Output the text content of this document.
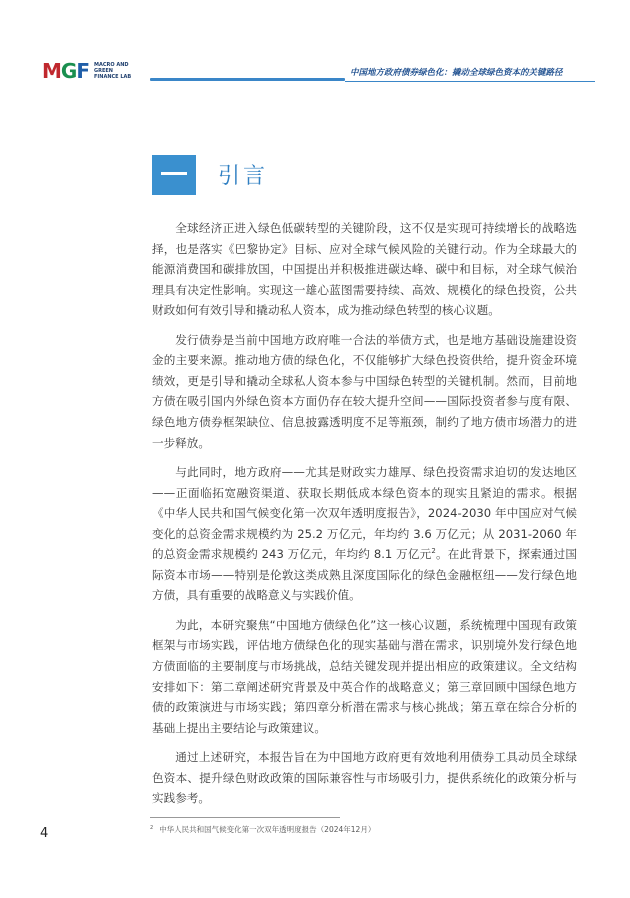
MGF MACRO AND
GREEN
FINANCE LAB	中国地方政府债券绿色化：撬动全球绿色资本的关键路径
引言

全球经济正进入绿色低碳转型的关键阶段，这不仅是实现可持续增长的战略选择，也是落实《巴黎协定》目标、应对全球气候风险的关键行动。作为全球最大的能源消费国和碳排放国，中国提出并积极推进碳达峰、碳中和目标，对全球气候治理具有决定性影响。实现这一雄心蓝图需要持续、高效、规模化的绿色投资，公共财政如何有效引导和撬动私人资本，成为推动绿色转型的核心议题。

发行债券是当前中国地方政府唯一合法的举债方式，也是地方基础设施建设资金的主要来源。推动地方债的绿色化，不仅能够扩大绿色投资供给，提升资金环境绩效，更是引导和撬动全球私人资本参与中国绿色转型的关键机制。然而，目前地方债在吸引国内外绿色资本方面仍存在较大提升空间——国际投资者参与度有限、绿色地方债券框架缺位、信息披露透明度不足等瓶颈，制约了地方债市场潜力的进一步释放。

与此同时，地方政府——尤其是财政实力雄厚、绿色投资需求迫切的发达地区——正面临拓宽融资渠道、获取长期低成本绿色资本的现实且紧迫的需求。根据《中华人民共和国气候变化第一次双年透明度报告》，2024-2030 年中国应对气候变化的总资金需求规模约为 25.2 万亿元，年均约 3.6 万亿元；从 2031-2060 年的总资金需求规模约 243 万亿元，年均约 8.1 万亿元$^2$。在此背景下，探索通过国际资本市场——特别是伦敦这类成熟且深度国际化的绿色金融枢纽——发行绿色地方债，具有重要的战略意义与实践价值。

为此，本研究聚焦“中国地方债绿色化”这一核心议题，系统梳理中国现有政策框架与市场实践，评估地方债绿色化的现实基础与潜在需求，识别境外发行绿色地方债面临的主要制度与市场挑战，总结关键发现并提出相应的政策建议。全文结构安排如下：第二章阐述研究背景及中英合作的战略意义；第三章回顾中国绿色地方债的政策演进与市场实践；第四章分析潜在需求与核心挑战；第五章在综合分析的基础上提出主要结论与政策建议。

通过上述研究，本报告旨在为中国地方政府更有效地利用债券工具动员全球绿色资本、提升绿色财政政策的国际兼容性与市场吸引力，提供系统化的政策分析与实践参考。

$^2$ 中华人民共和国气候变化第一次双年透明度报告（2024年12月）
4
